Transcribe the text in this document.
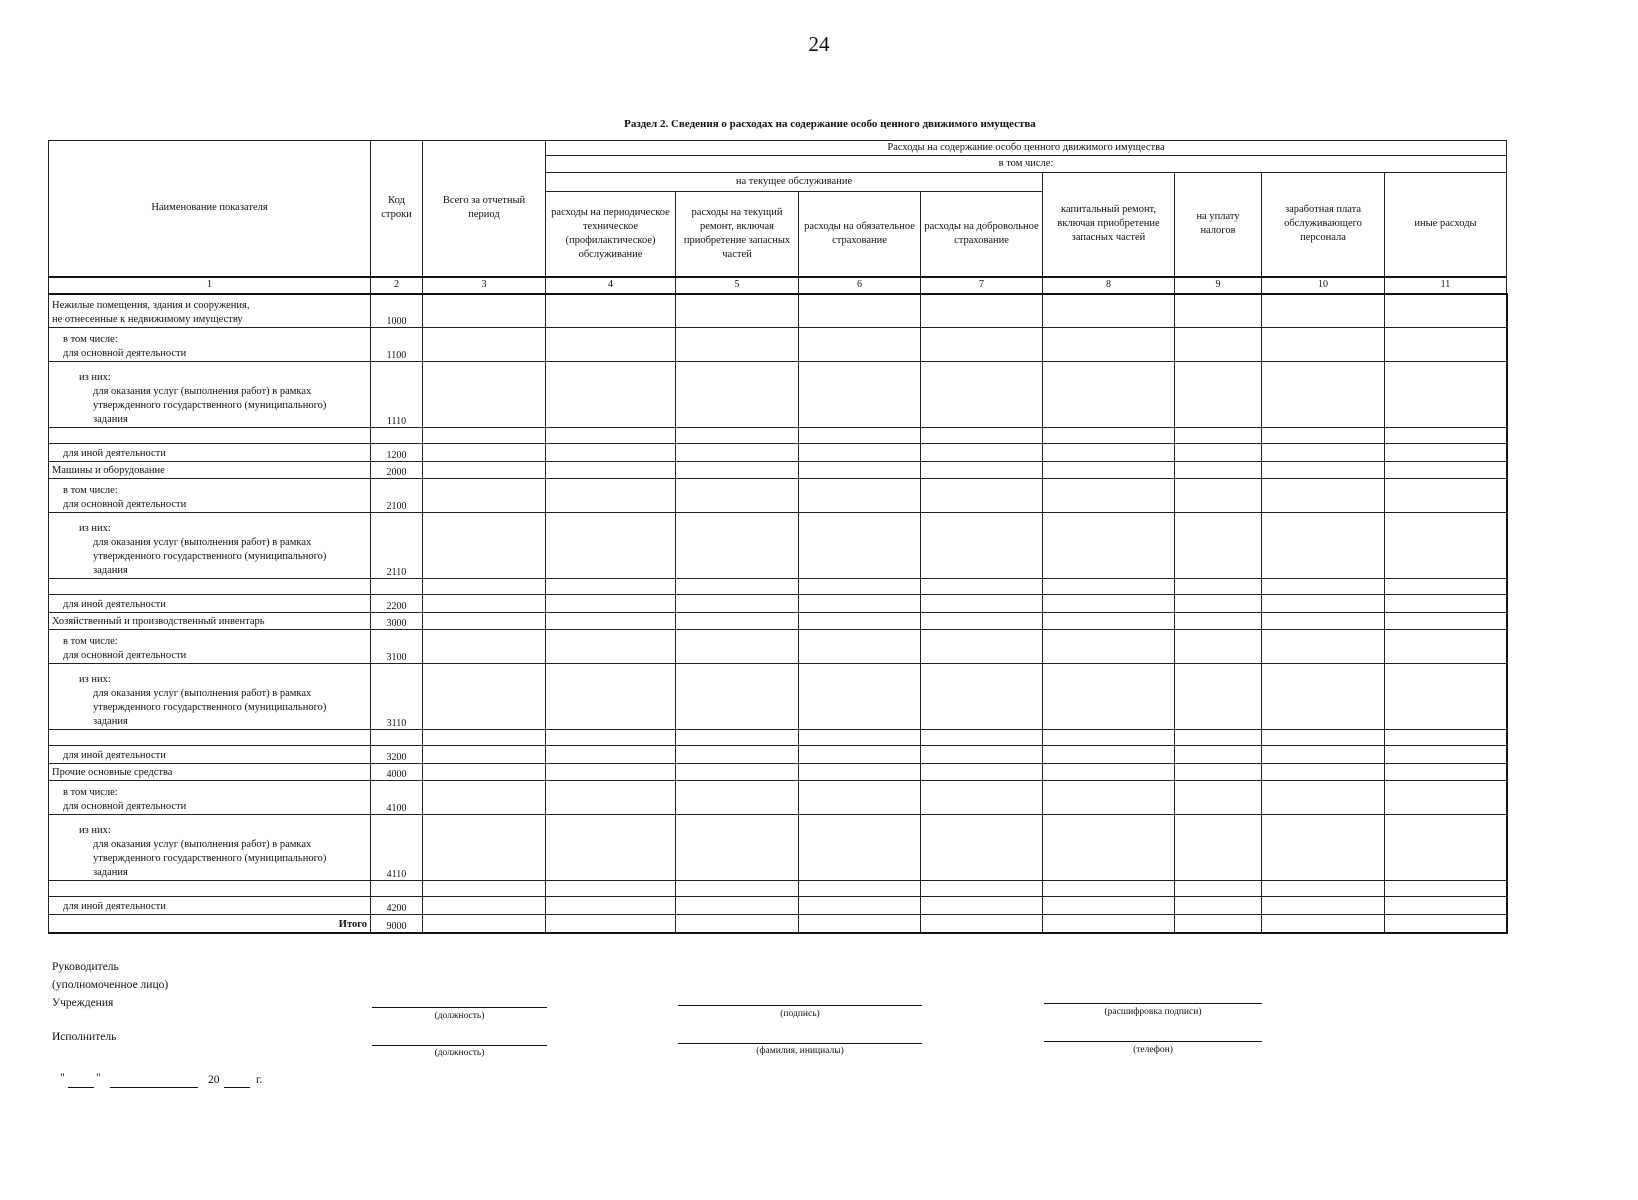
24
Раздел 2. Сведения о расходах на содержание особо ценного движимого имущества
Наименование показателя	Код строки	Всего за отчетный период	Расходы на содержание особо ценного движимого имущества							
			в том числе:							
			на текущее обслуживание				капитальный ремонт, включая приобретение запасных частей	на уплату налогов	заработная плата обслуживающего персонала	иные расходы
			расходы на периодическое техническое (профилактическое) обслуживание	расходы на текущий ремонт, включая приобретение запасных частей	расходы на обязательное страхование	расходы на добровольное страхование				
1	2	3	4	5	6	7	8	9	10	11

Нежилые помещения, здания и сооружения,
не отнесенные к недвижимому имуществу	1000									

в том числе:
для основной деятельности	1100									

из них:
для оказания услуг (выполнения работ) в рамках
утвержденного государственного (муниципального)
задания	1110									

для иной деятельности	1200									

Машины и оборудование	2000									

в том числе:
для основной деятельности	2100									

из них:
для оказания услуг (выполнения работ) в рамках
утвержденного государственного (муниципального)
задания	2110									

для иной деятельности	2200									

Хозяйственный и производственный инвентарь	3000									

в том числе:
для основной деятельности	3100									

из них:
для оказания услуг (выполнения работ) в рамках
утвержденного государственного (муниципального)
задания	3110									

для иной деятельности	3200									

Прочие основные средства	4000									

в том числе:
для основной деятельности	4100									

из них:
для оказания услуг (выполнения работ) в рамках
утвержденного государственного (муниципального)
задания	4110									

для иной деятельности	4200									

Итого	9000									
Руководитель
(уполномоченное лицо)
Учреждения
Исполнитель
(должность)	(подпись)	(расшифровка подписи)
(должность)	(фамилия, инициалы)	(телефон)
"	"	20	г.
